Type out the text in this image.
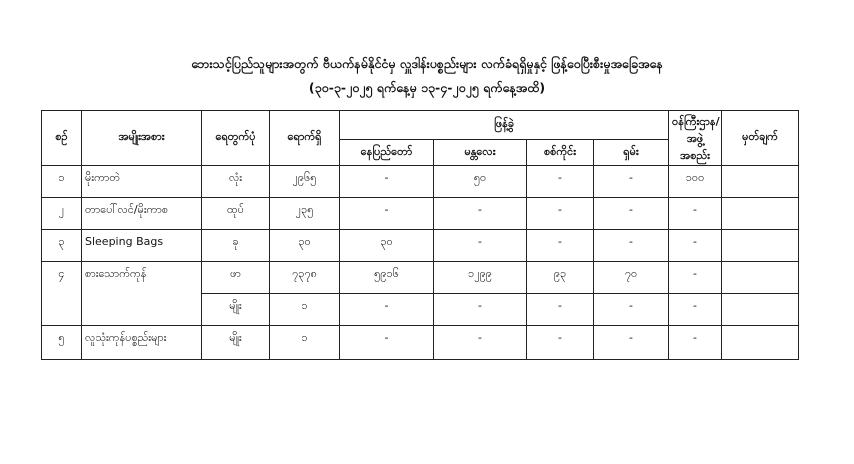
ဘေးသင့်ပြည်သူများအတွက် ဗီယက်နမ်နိုင်ငံမှ လှူဒါန်းပစ္စည်းများ လက်ခံရရှိမှုနှင့် ဖြန့်ဝေပြီးစီးမှုအခြေအနေ
(၃၀-၃-၂၀၂၅ ရက်နေ့မှ ၁၃-၄-၂၀၂၅ ရက်နေ့အထိ)
စဉ်	အမျိုးအစား	ရေတွက်ပုံ	ရောက်ရှိ	ဖြန့်ခွဲ				ဝန်ကြီးဌာန/ အဖွဲ့အစည်း	မှတ်ချက်
				နေပြည်တော်	မန္တလေး	စစ်ကိုင်း	ရှမ်း		
၁	မိုးကာတဲ	လုံး	၂၉၆၅	-	၅၀	-	-	၁၀၀	
၂	တာပေါ်လင်/မိုးကာစ	ထုပ်	၂၃၅	-	-	-	-	-	
၃	Sleeping Bags	ခု	၃၀	၃၀	-	-	-	-	
၄	စားသောက်ကုန်	ဖာ	၇၃၇၈	၅၉၁၆	၁၂၉၉	၉၃	၇၀	-	
		မျိုး	၁	-	-	-	-	-	
၅	လူသုံးကုန်ပစ္စည်းများ	မျိုး	၁	-	-	-	-	-	
